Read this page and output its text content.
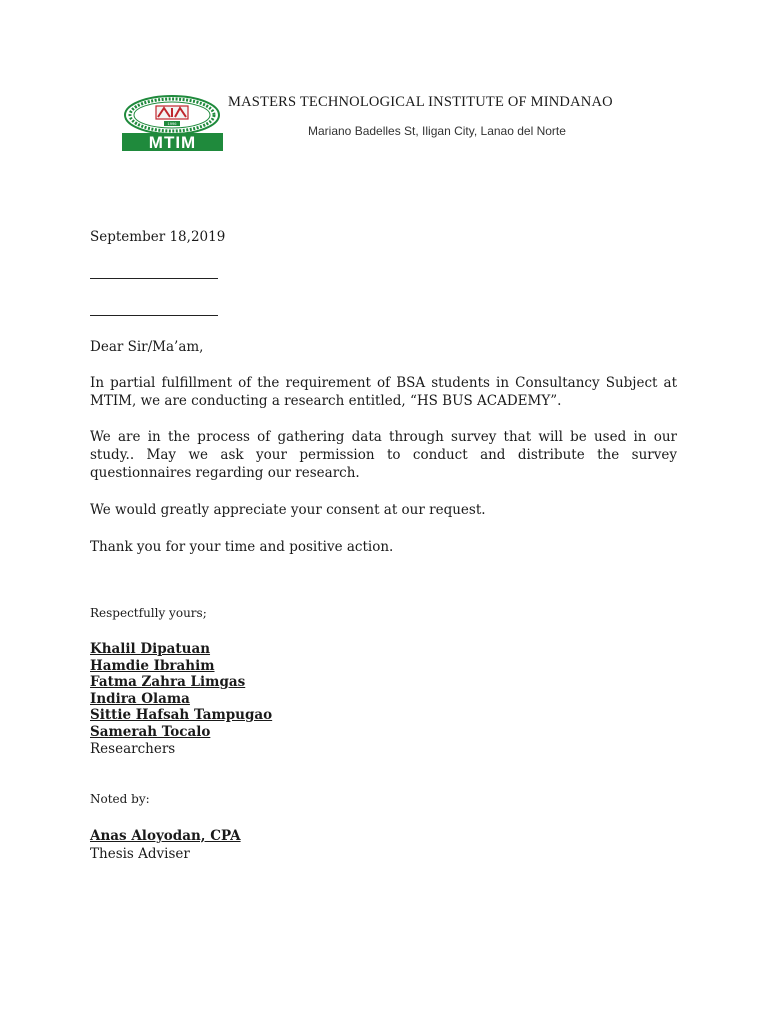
1996
MTIM
MASTERS TECHNOLOGICAL INSTITUTE OF MINDANAO
Mariano Badelles St, Iligan City, Lanao del Norte
September 18,2019
Dear Sir/Ma’am,
In partial fulfillment of the requirement of BSA students in Consultancy Subject at MTIM, we are conducting a research entitled, “HS BUS ACADEMY”.
We are in the process of gathering data through survey that will be used in our study.. May we ask your permission to conduct and distribute the survey questionnaires regarding our research.
We would greatly appreciate your consent at our request.
Thank you for your time and positive action.
Respectfully yours;
Khalil Dipatuan
Hamdie Ibrahim
Fatma Zahra Limgas
Indira Olama
Sittie Hafsah Tampugao
Samerah Tocalo
Researchers
Noted by:
Anas Aloyodan, CPA
Thesis Adviser
